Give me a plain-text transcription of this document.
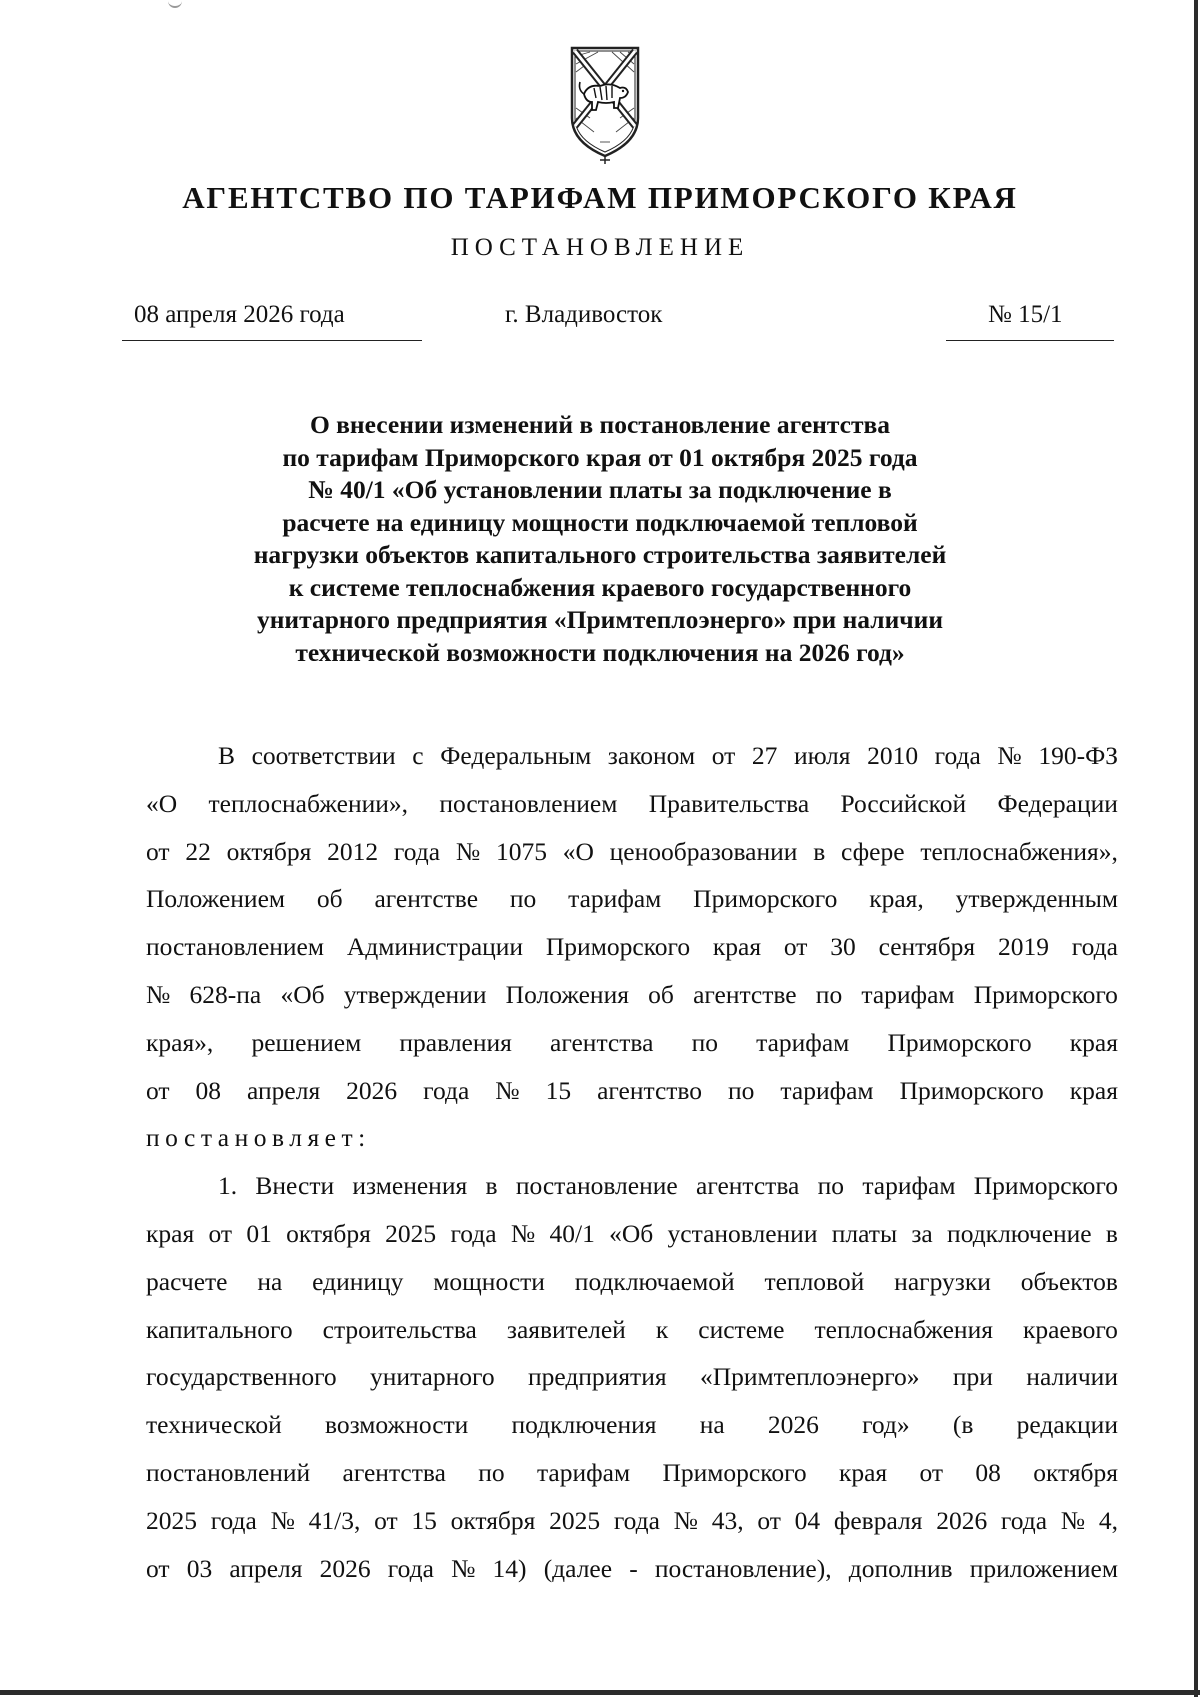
АГЕНТСТВО ПО ТАРИФАМ ПРИМОРСКОГО КРАЯ
ПОСТАНОВЛЕНИЕ
08 апреля 2026 года	г. Владивосток	№ 15/1
О внесении изменений в постановление агентства
по тарифам Приморского края от 01 октября 2025 года
№ 40/1 «Об установлении платы за подключение в
расчете на единицу мощности подключаемой тепловой
нагрузки объектов капитального строительства заявителей
к системе теплоснабжения краевого государственного
унитарного предприятия «Примтеплоэнерго» при наличии
технической возможности подключения на 2026 год»
В соответствии с Федеральным законом от 27 июля 2010 года № 190-ФЗ
«О теплоснабжении», постановлением Правительства Российской Федерации
от 22 октября 2012 года № 1075 «О ценообразовании в сфере теплоснабжения»,
Положением об агентстве по тарифам Приморского края, утвержденным
постановлением Администрации Приморского края от 30 сентября 2019 года
№ 628-па «Об утверждении Положения об агентстве по тарифам Приморского
края», решением правления агентства по тарифам Приморского края
от 08 апреля 2026 года № 15 агентство по тарифам Приморского края
постановляет:
1. Внести изменения в постановление агентства по тарифам Приморского
края от 01 октября 2025 года № 40/1 «Об установлении платы за подключение в
расчете на единицу мощности подключаемой тепловой нагрузки объектов
капитального строительства заявителей к системе теплоснабжения краевого
государственного унитарного предприятия «Примтеплоэнерго» при наличии
технической возможности подключения на 2026 год» (в редакции
постановлений агентства по тарифам Приморского края от 08 октября
2025 года № 41/3, от 15 октября 2025 года № 43, от 04 февраля 2026 года № 4,
от 03 апреля 2026 года № 14) (далее - постановление), дополнив приложением
